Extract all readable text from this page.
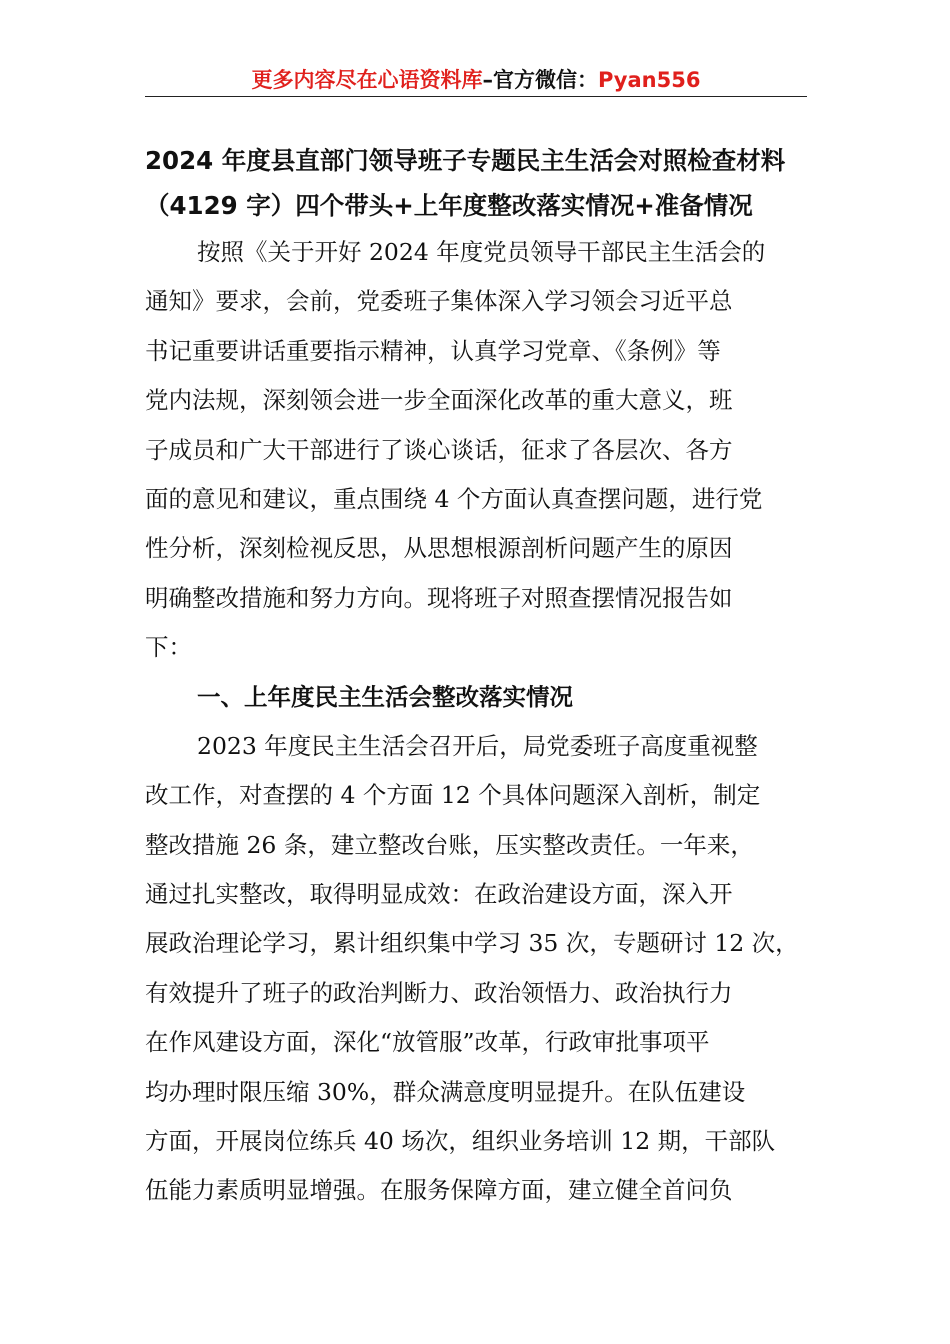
更多内容尽在心语资料库–官方微信：Pyan556
2024 年度县直部门领导班子专题民主生活会对照检查材料
（4129 字）四个带头+上年度整改落实情况+准备情况
按照《关于开好 2024 年度党员领导干部民主生活会的
通知》要求，会前，党委班子集体深入学习领会习近平总
书记重要讲话重要指示精神，认真学习党章、《条例》等
党内法规，深刻领会进一步全面深化改革的重大意义，班
子成员和广大干部进行了谈心谈话，征求了各层次、各方
面的意见和建议，重点围绕 4 个方面认真查摆问题，进行党
性分析，深刻检视反思，从思想根源剖析问题产生的原因
明确整改措施和努力方向。现将班子对照查摆情况报告如
下：
一、上年度民主生活会整改落实情况
2023 年度民主生活会召开后，局党委班子高度重视整
改工作，对查摆的 4 个方面 12 个具体问题深入剖析，制定
整改措施 26 条，建立整改台账，压实整改责任。一年来，
通过扎实整改，取得明显成效：在政治建设方面，深入开
展政治理论学习，累计组织集中学习 35 次，专题研讨 12 次，
有效提升了班子的政治判断力、政治领悟力、政治执行力
在作风建设方面，深化“放管服”改革，行政审批事项平
均办理时限压缩 30%，群众满意度明显提升。在队伍建设
方面，开展岗位练兵 40 场次，组织业务培训 12 期，干部队
伍能力素质明显增强。在服务保障方面，建立健全首问负
